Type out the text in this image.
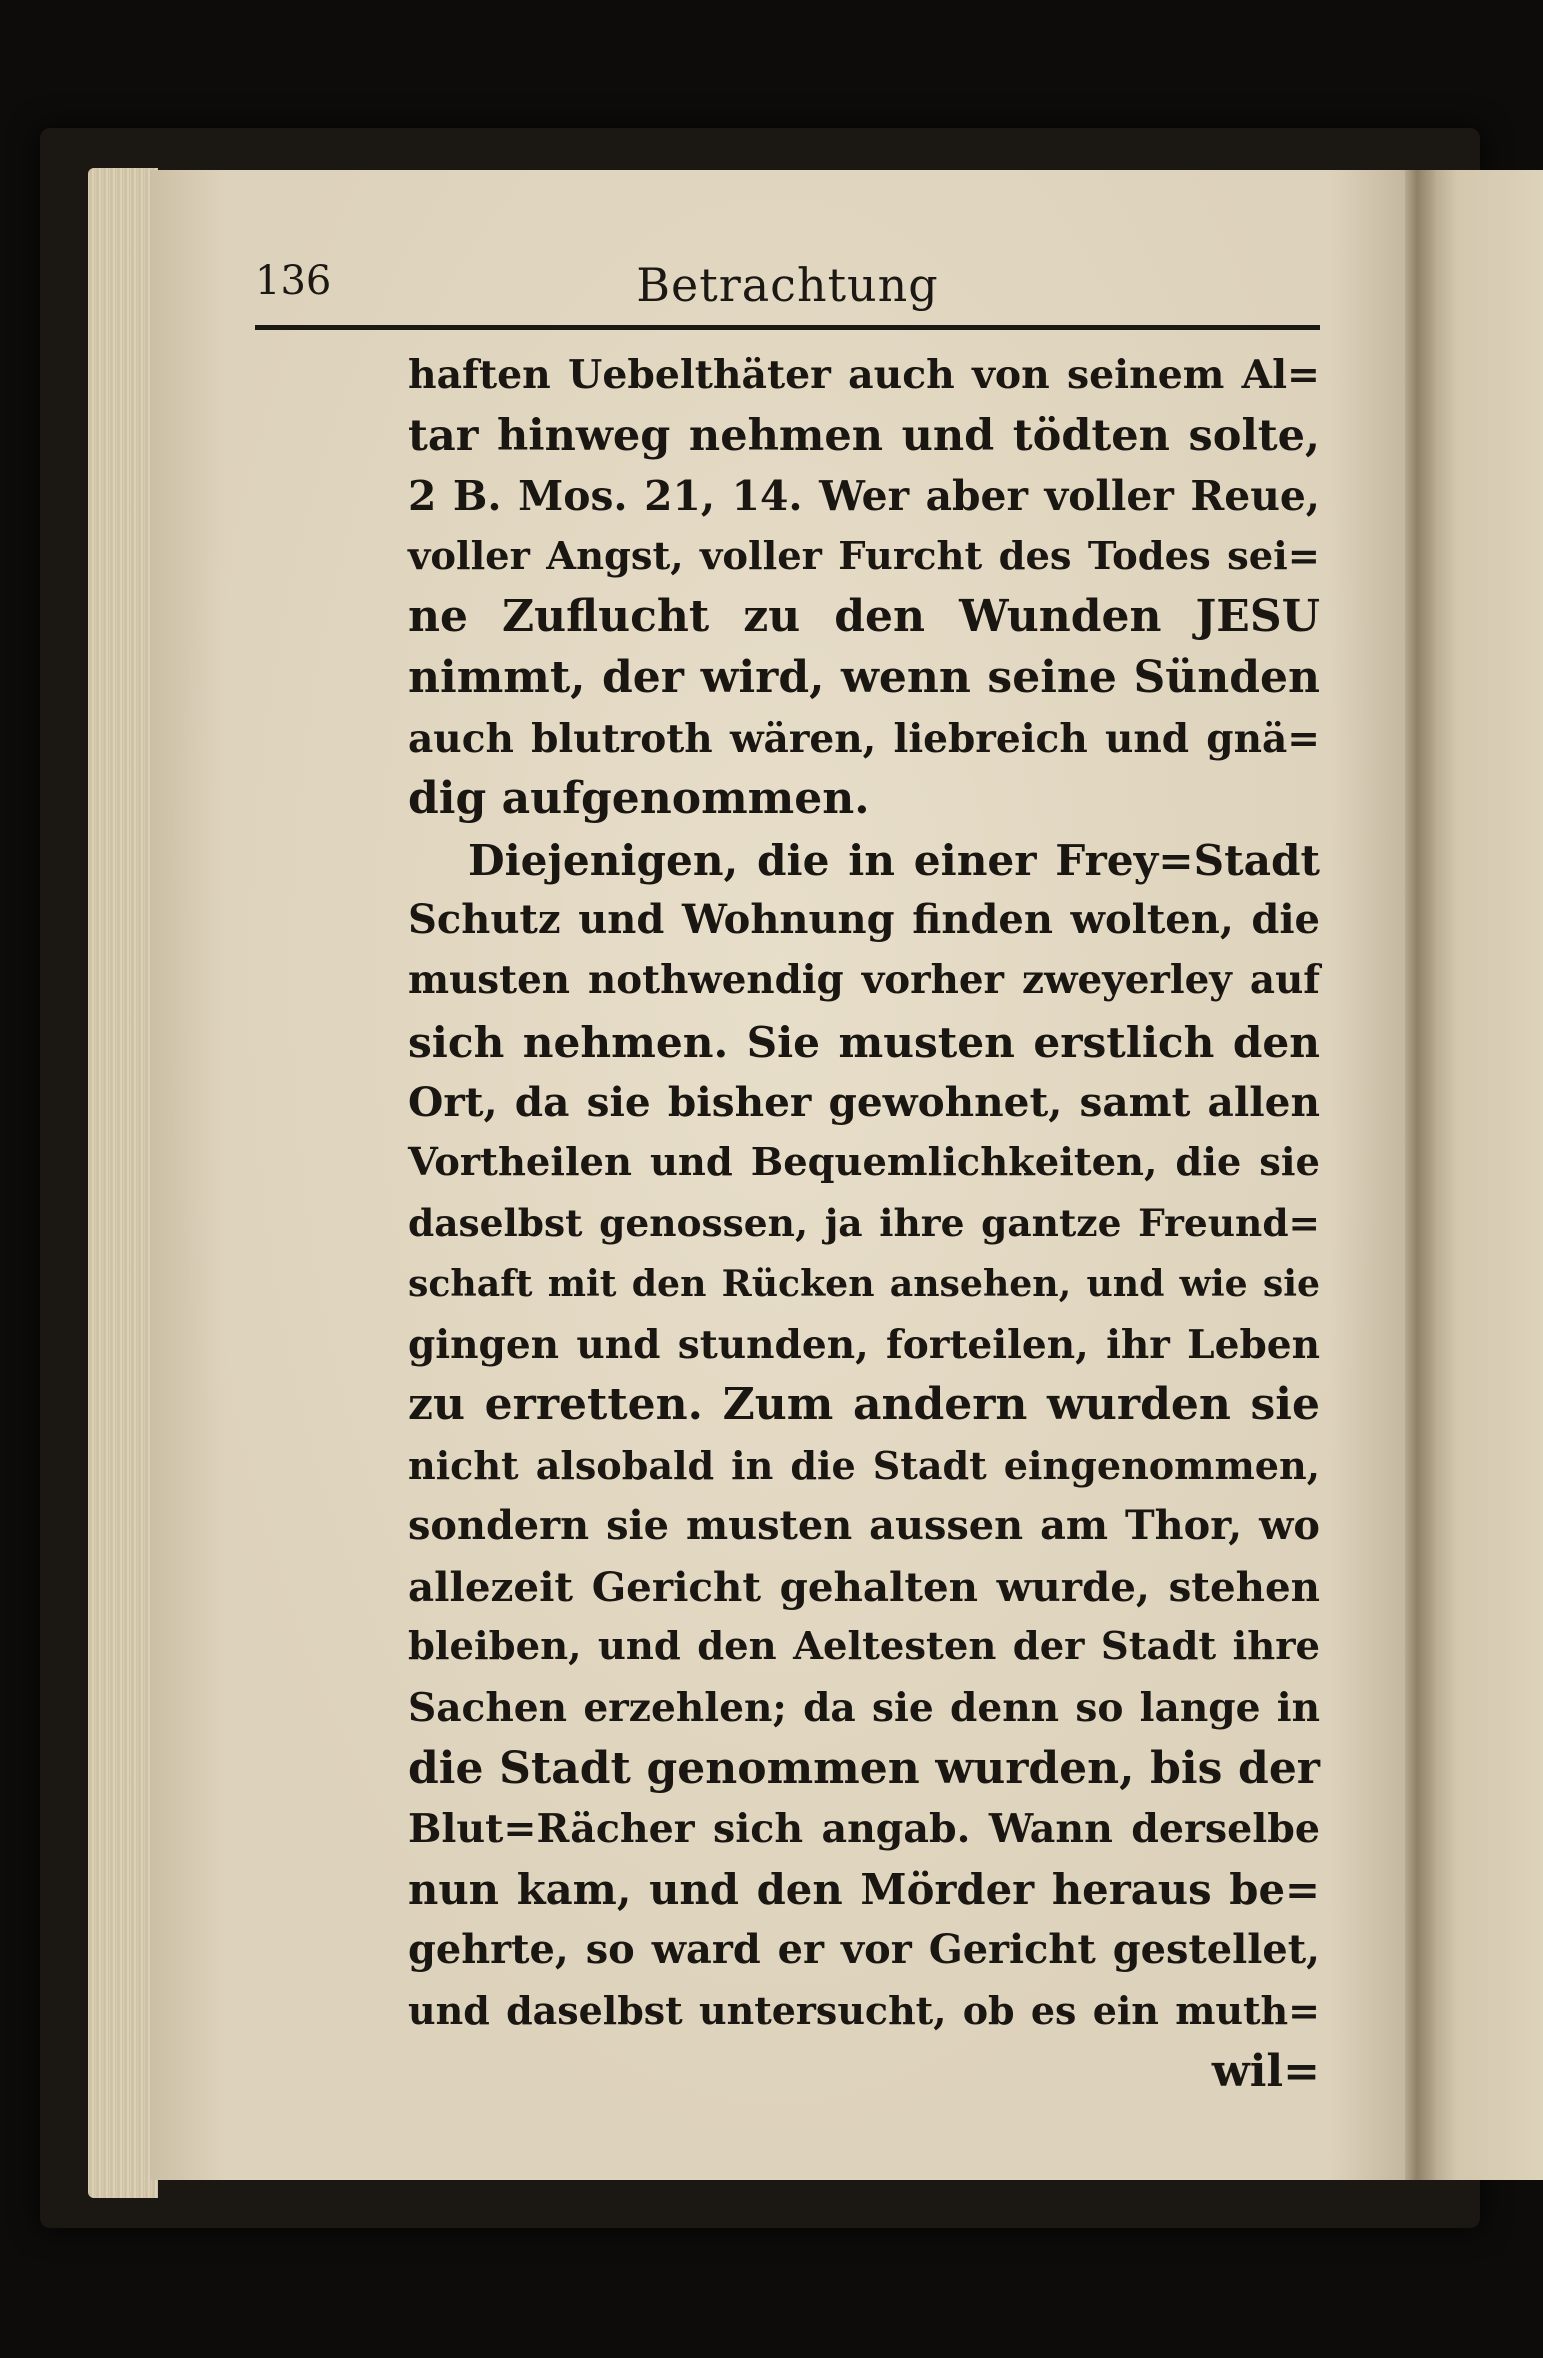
136	Betrachtung
haften Uebelthäter auch von seinem Al=
tar hinweg nehmen und tödten solte,
2 B. Mos. 21, 14. Wer aber voller Reue,
voller Angst, voller Furcht des Todes sei=
ne Zuflucht zu den Wunden JESU
nimmt, der wird, wenn seine Sünden
auch blutroth wären, liebreich und gnä=
dig aufgenommen.
Diejenigen, die in einer Frey=Stadt
Schutz und Wohnung finden wolten, die
musten nothwendig vorher zweyerley auf
sich nehmen. Sie musten erstlich den
Ort, da sie bisher gewohnet, samt allen
Vortheilen und Bequemlichkeiten, die sie
daselbst genossen, ja ihre gantze Freund=
schaft mit den Rücken ansehen, und wie sie
gingen und stunden, forteilen, ihr Leben
zu erretten. Zum andern wurden sie
nicht alsobald in die Stadt eingenommen,
sondern sie musten aussen am Thor, wo
allezeit Gericht gehalten wurde, stehen
bleiben, und den Aeltesten der Stadt ihre
Sachen erzehlen; da sie denn so lange in
die Stadt genommen wurden, bis der
Blut=Rächer sich angab. Wann derselbe
nun kam, und den Mörder heraus be=
gehrte, so ward er vor Gericht gestellet,
und daselbst untersucht, ob es ein muth=
wil=
